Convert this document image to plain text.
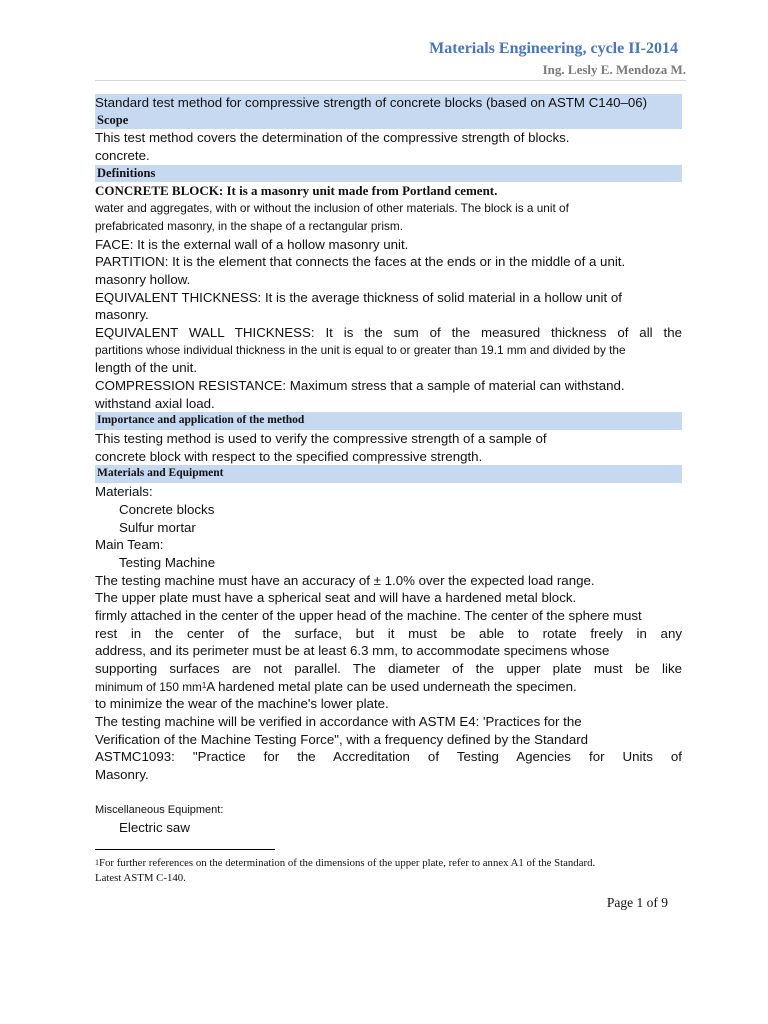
Materials Engineering, cycle II-2014
Ing. Lesly E. Mendoza M.
Standard test method for compressive strength of concrete blocks (based on ASTM C140–06)
Scope
This test method covers the determination of the compressive strength of blocks.
concrete.
Definitions
CONCRETE BLOCK: It is a masonry unit made from Portland cement.
water and aggregates, with or without the inclusion of other materials. The block is a unit of
prefabricated masonry, in the shape of a rectangular prism.
FACE: It is the external wall of a hollow masonry unit.
PARTITION: It is the element that connects the faces at the ends or in the middle of a unit.
masonry hollow.
EQUIVALENT THICKNESS: It is the average thickness of solid material in a hollow unit of
masonry.
EQUIVALENT WALL THICKNESS: It is the sum of the measured thickness of all the
partitions whose individual thickness in the unit is equal to or greater than 19.1 mm and divided by the
length of the unit.
COMPRESSION RESISTANCE: Maximum stress that a sample of material can withstand.
withstand axial load.
Importance and application of the method
This testing method is used to verify the compressive strength of a sample of
concrete block with respect to the specified compressive strength.
Materials and Equipment
Materials:
Concrete blocks
Sulfur mortar
Main Team:
Testing Machine
The testing machine must have an accuracy of ± 1.0% over the expected load range.
The upper plate must have a spherical seat and will have a hardened metal block.
firmly attached in the center of the upper head of the machine. The center of the sphere must
rest in the center of the surface, but it must be able to rotate freely in any
address, and its perimeter must be at least 6.3 mm, to accommodate specimens whose
supporting surfaces are not parallel. The diameter of the upper plate must be like
minimum of 150 $mm^1A$ hardened metal plate can be used underneath the specimen.
to minimize the wear of the machine's lower plate.
The testing machine will be verified in accordance with ASTM E4: 'Practices for the
Verification of the Machine Testing Force", with a frequency defined by the Standard
ASTMC1093: "Practice for the Accreditation of Testing Agencies for Units of
Masonry.
Miscellaneous Equipment:
Electric saw
$^1$For further references on the determination of the dimensions of the upper plate, refer to annex A1 of the Standard.
Latest ASTM C-140.
Page 1 of 9
